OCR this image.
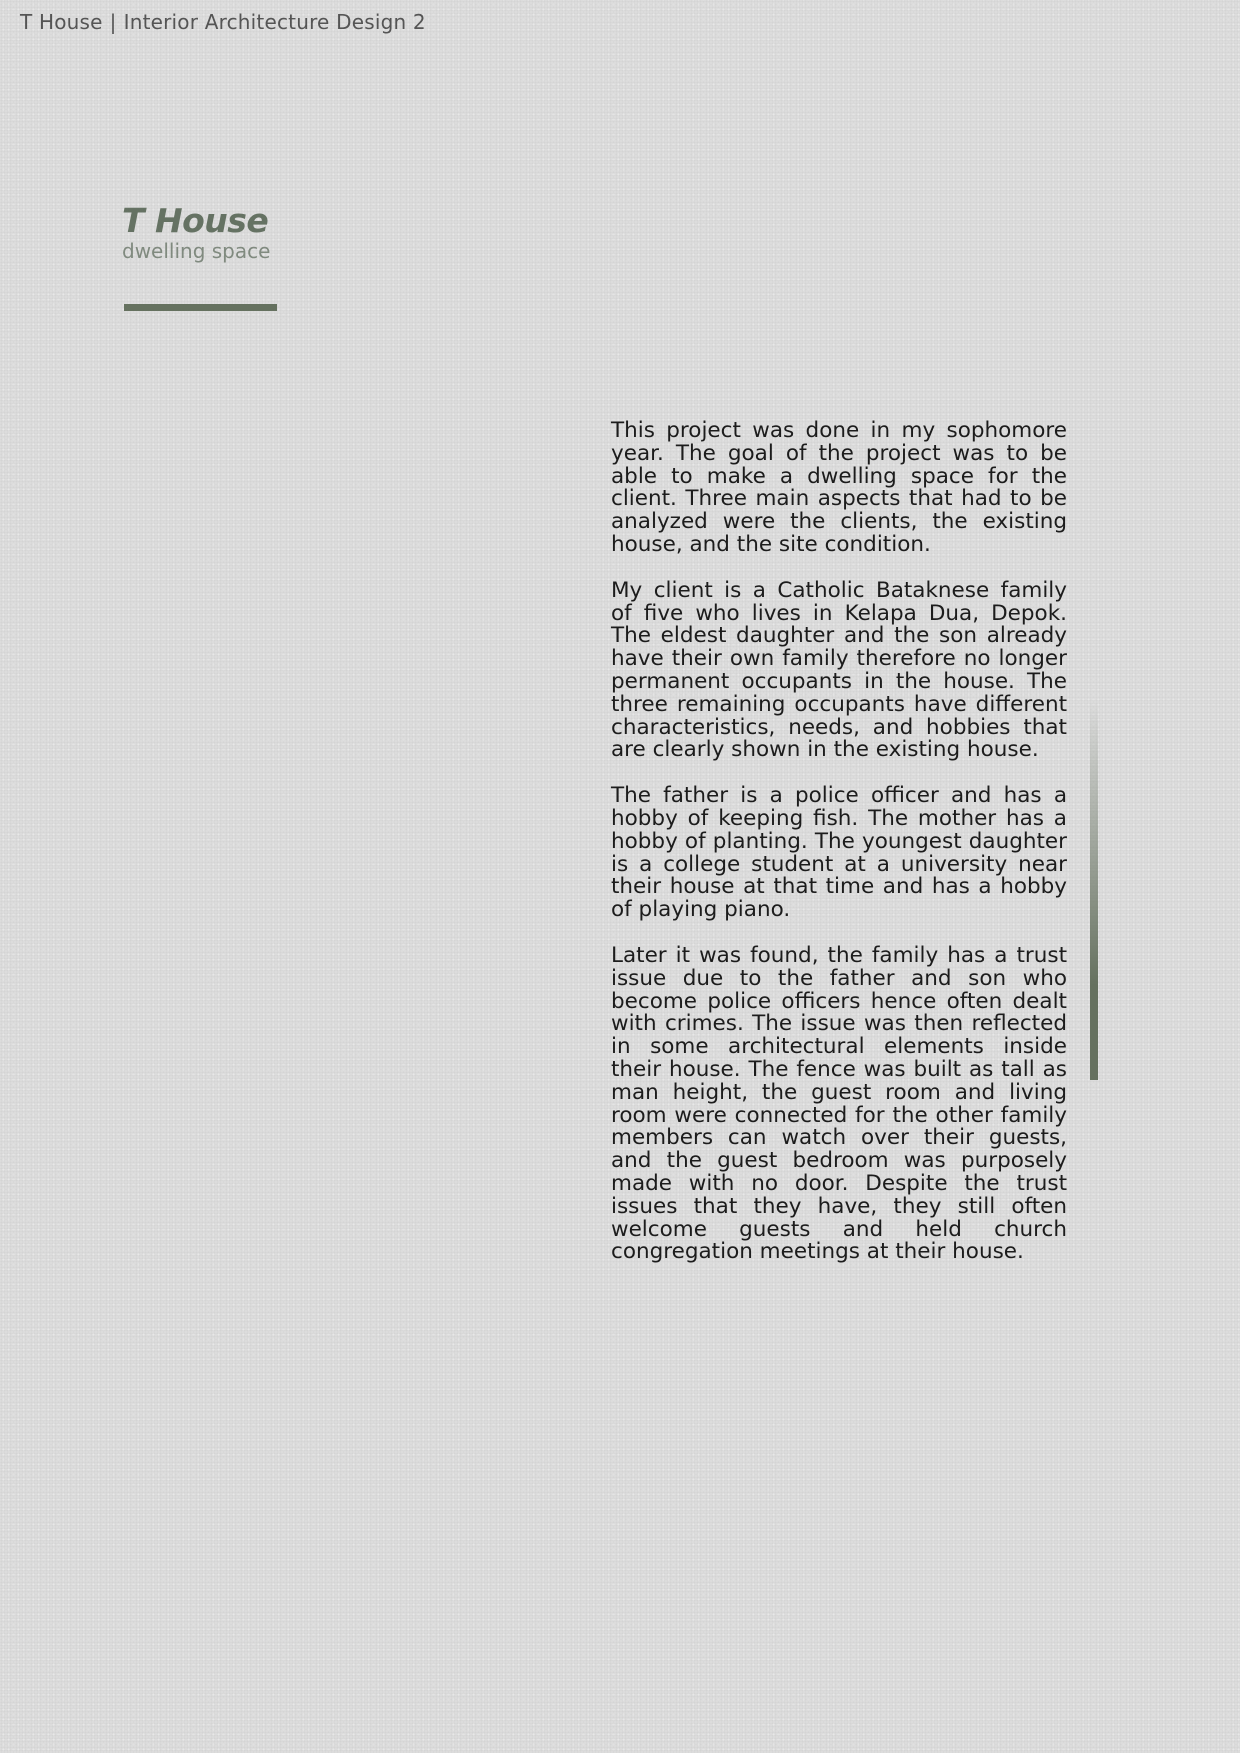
T House | Interior Architecture Design 2
T House
dwelling space

This project was done in my sophomore year. The goal of the project was to be able to make a dwelling space for the client. Three main aspects that had to be analyzed were the clients, the existing house, and the site condition.

My client is a Catholic Bataknese family of five who lives in Kelapa Dua, Depok. The eldest daughter and the son already have their own family therefore no longer permanent occupants in the house. The three remaining occupants have different characteristics, needs, and hobbies that are clearly shown in the existing house.

The father is a police officer and has a hobby of keeping fish. The mother has a hobby of planting. The youngest daughter is a college student at a university near their house at that time and has a hobby of playing piano.

Later it was found, the family has a trust issue due to the father and son who become police officers hence often dealt with crimes. The issue was then reflected in some architectural elements inside their house. The fence was built as tall as man height, the guest room and living room were connected for the other family members can watch over their guests, and the guest bedroom was purposely made with no door. Despite the trust issues that they have, they still often welcome guests and held church congregation meetings at their house.
